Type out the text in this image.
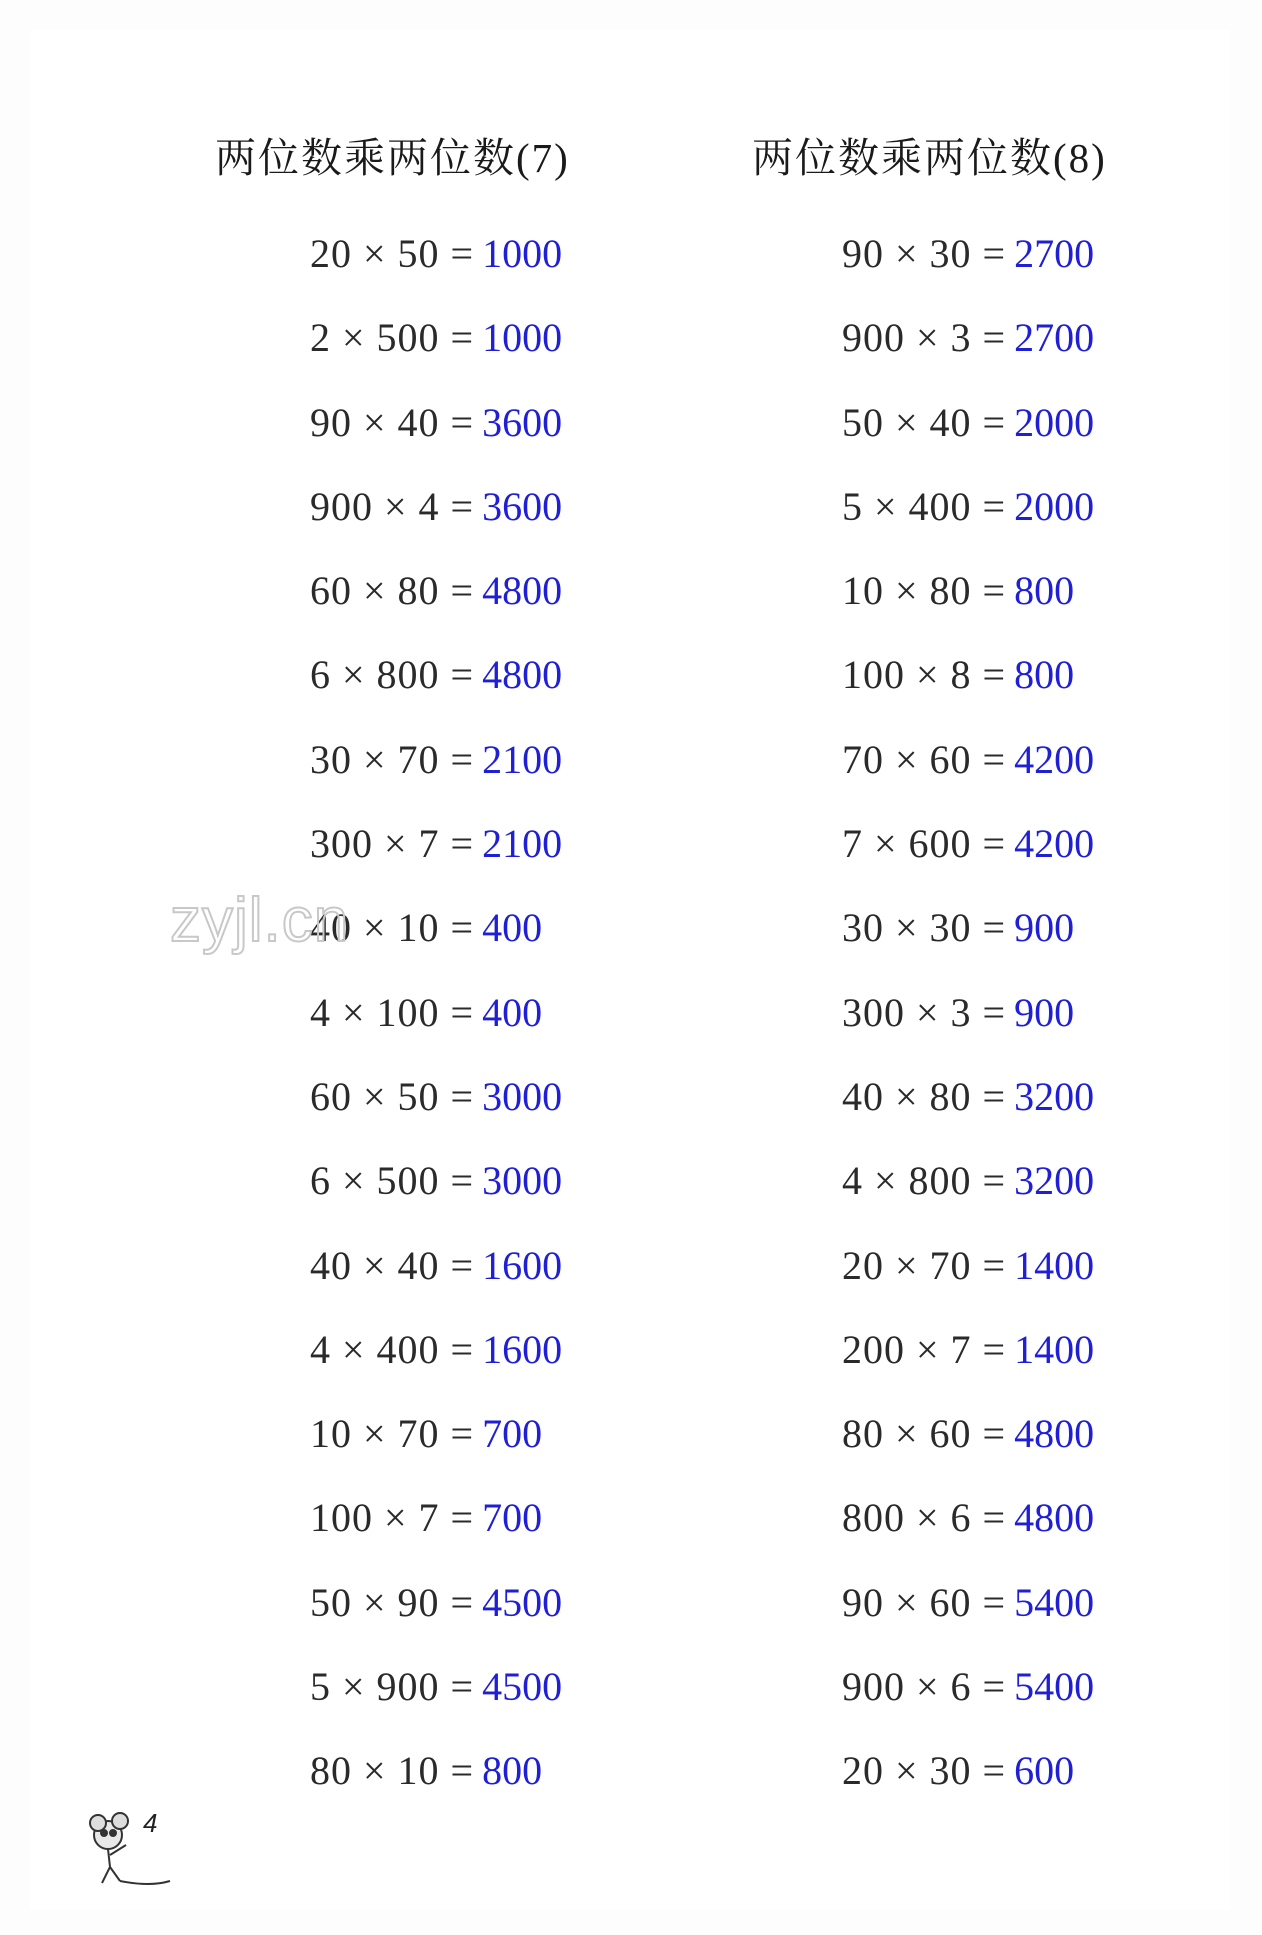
两位数乘两位数(7)
20 × 50 = 1000
2 × 500 = 1000
90 × 40 = 3600
900 × 4 = 3600
60 × 80 = 4800
6 × 800 = 4800
30 × 70 = 2100
300 × 7 = 2100
40 × 10 = 400
4 × 100 = 400
60 × 50 = 3000
6 × 500 = 3000
40 × 40 = 1600
4 × 400 = 1600
10 × 70 = 700
100 × 7 = 700
50 × 90 = 4500
5 × 900 = 4500
80 × 10 = 800
两位数乘两位数(8)
90 × 30 = 2700
900 × 3 = 2700
50 × 40 = 2000
5 × 400 = 2000
10 × 80 = 800
100 × 8 = 800
70 × 60 = 4200
7 × 600 = 4200
30 × 30 = 900
300 × 3 = 900
40 × 80 = 3200
4 × 800 = 3200
20 × 70 = 1400
200 × 7 = 1400
80 × 60 = 4800
800 × 6 = 4800
90 × 60 = 5400
900 × 6 = 5400
20 × 30 = 600
zyjl.cn
4
